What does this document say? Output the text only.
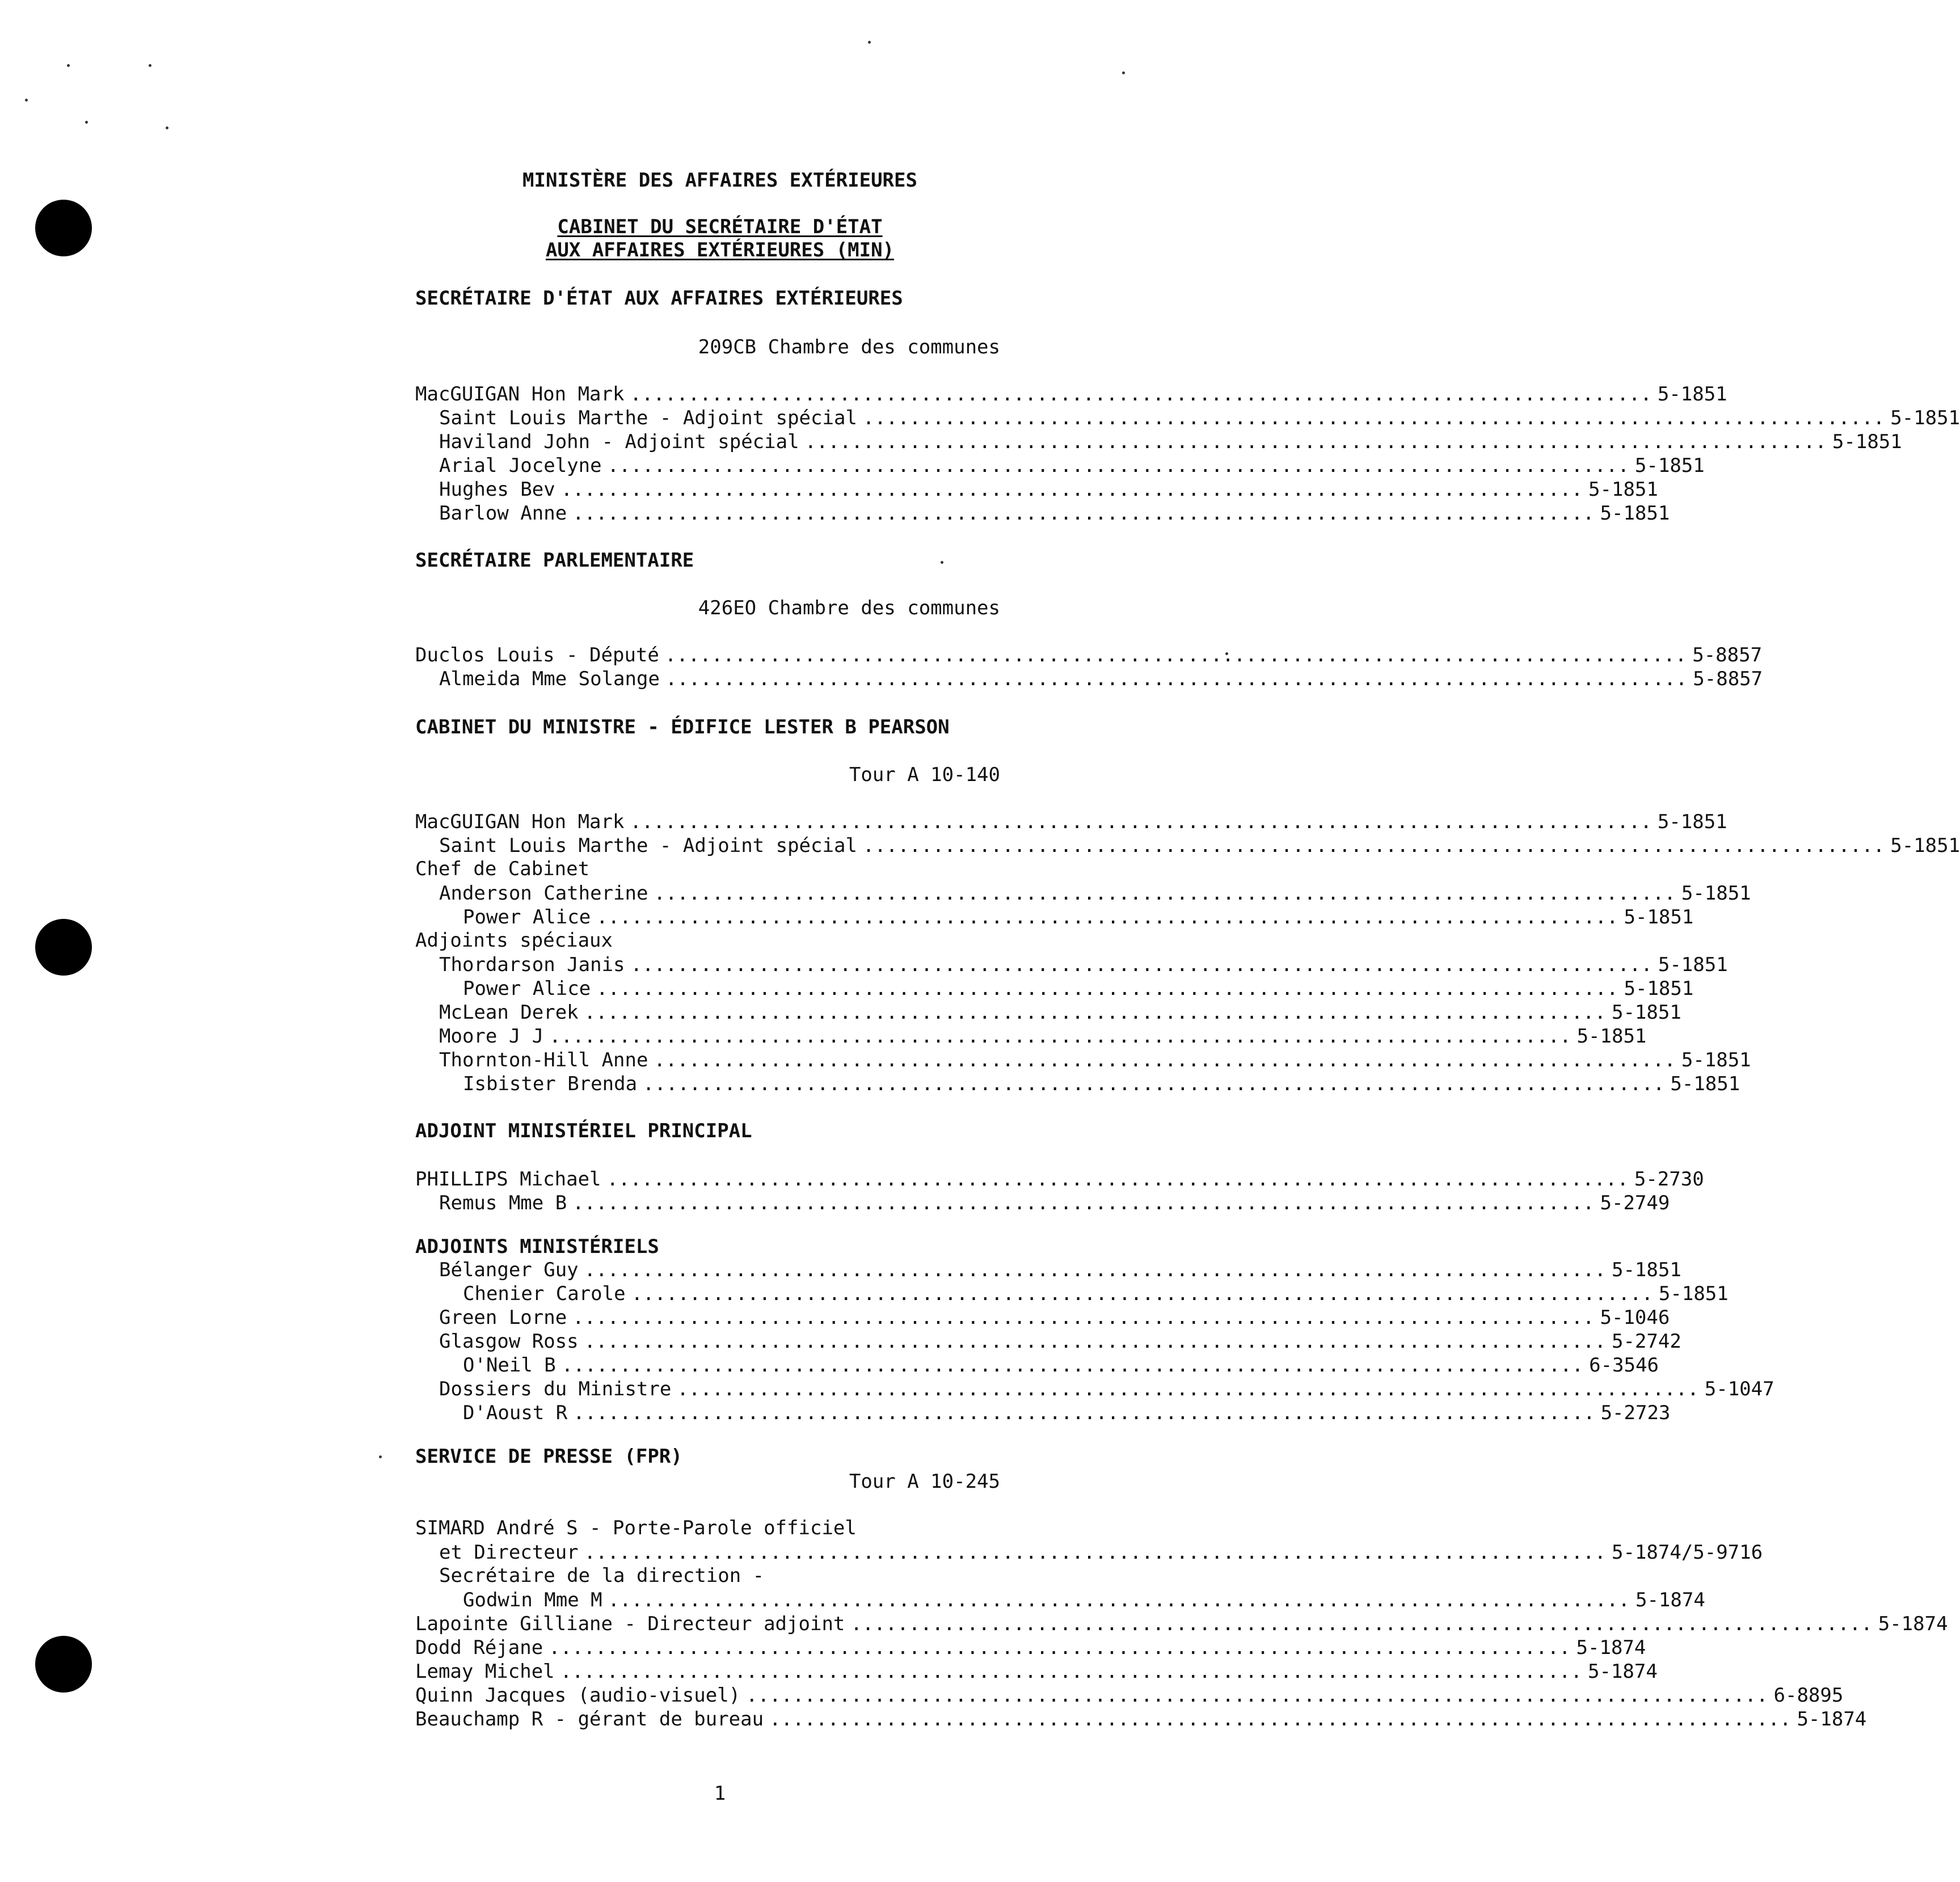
MINISTÈRE DES AFFAIRES EXTÉRIEURES
CABINET DU SECRÉTAIRE D'ÉTAT
AUX AFFAIRES EXTÉRIEURES (MIN)
SECRÉTAIRE D'ÉTAT AUX AFFAIRES EXTÉRIEURES
209CB Chambre des communes
MacGUIGAN Hon Mark ........................................................................................ 5-1851
Saint Louis Marthe - Adjoint spécial ........................................................................................ 5-1851
Haviland John - Adjoint spécial ........................................................................................ 5-1851
Arial Jocelyne ........................................................................................ 5-1851
Hughes Bev ........................................................................................ 5-1851
Barlow Anne ........................................................................................ 5-1851
SECRÉTAIRE PARLEMENTAIRE
426EO Chambre des communes
Duclos Louis - Député ........................................................................................ 5-8857
Almeida Mme Solange ........................................................................................ 5-8857
CABINET DU MINISTRE - ÉDIFICE LESTER B PEARSON
Tour A 10-140
MacGUIGAN Hon Mark ........................................................................................ 5-1851
Saint Louis Marthe - Adjoint spécial ........................................................................................ 5-1851
Chef de Cabinet
Anderson Catherine ........................................................................................ 5-1851
Power Alice ........................................................................................ 5-1851
Adjoints spéciaux
Thordarson Janis ........................................................................................ 5-1851
Power Alice ........................................................................................ 5-1851
McLean Derek ........................................................................................ 5-1851
Moore J J ........................................................................................ 5-1851
Thornton-Hill Anne ........................................................................................ 5-1851
Isbister Brenda ........................................................................................ 5-1851
ADJOINT MINISTÉRIEL PRINCIPAL
PHILLIPS Michael ........................................................................................ 5-2730
Remus Mme B ........................................................................................ 5-2749
ADJOINTS MINISTÉRIELS
Bélanger Guy ........................................................................................ 5-1851
Chenier Carole ........................................................................................ 5-1851
Green Lorne ........................................................................................ 5-1046
Glasgow Ross ........................................................................................ 5-2742
O'Neil B ........................................................................................ 6-3546
Dossiers du Ministre ........................................................................................ 5-1047
D'Aoust R ........................................................................................ 5-2723
SERVICE DE PRESSE (FPR)
Tour A 10-245
SIMARD André S - Porte-Parole officiel
et Directeur ........................................................................................ 5-1874/5-9716
Secrétaire de la direction -
Godwin Mme M ........................................................................................ 5-1874
Lapointe Gilliane - Directeur adjoint ........................................................................................ 5-1874
Dodd Réjane ........................................................................................ 5-1874
Lemay Michel ........................................................................................ 5-1874
Quinn Jacques (audio-visuel) ........................................................................................ 6-8895
Beauchamp R - gérant de bureau ........................................................................................ 5-1874
1
